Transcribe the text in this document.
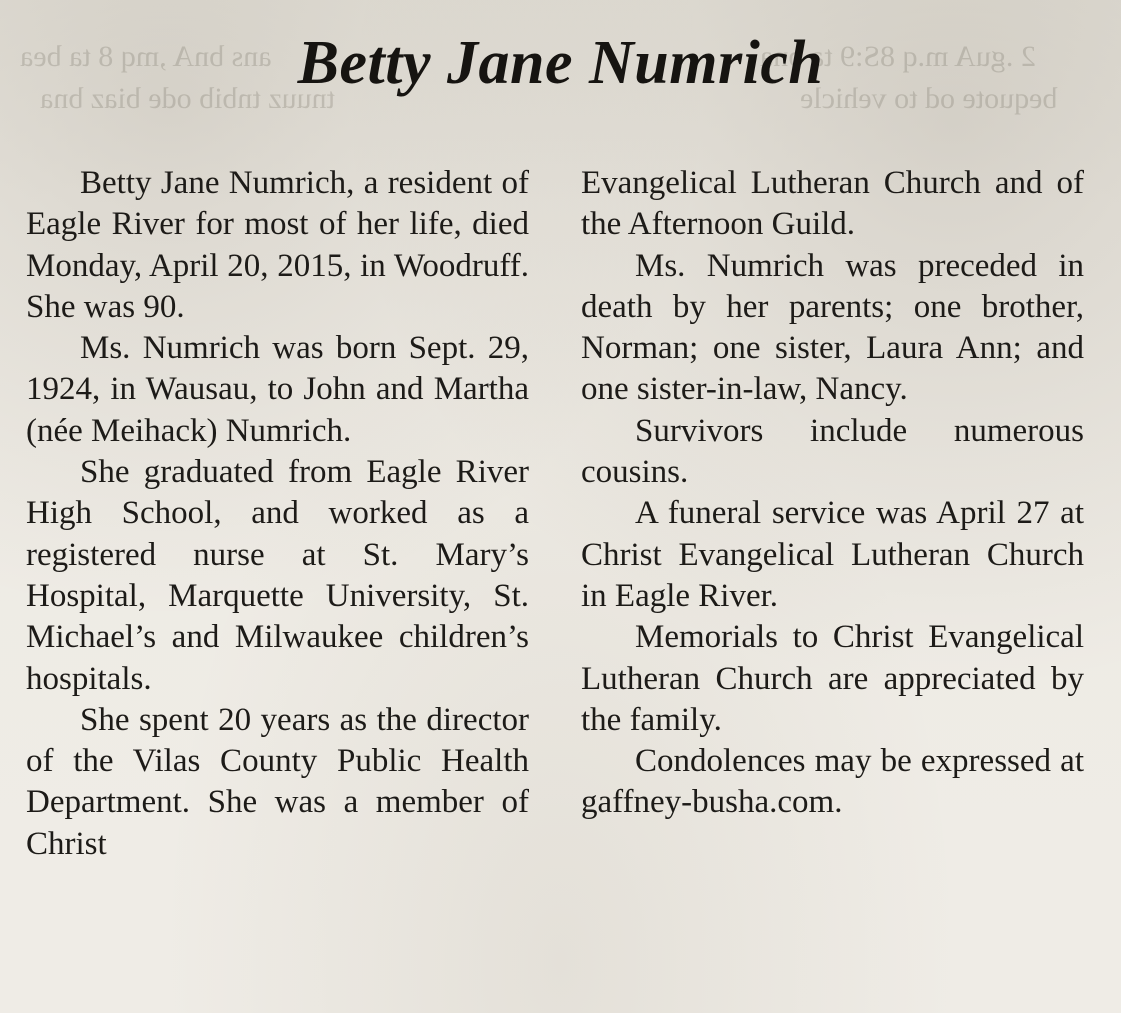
ans bnA ,mq 8 ta bea
tnuuz tnbib ode biaz bna
2 .guA m.q 8S:9 ta bna
bequote od to vehicle
Betty Jane Numrich

Betty Jane Numrich, a resident of Eagle River for most of her life, died Monday, April 20, 2015, in Woodruff. She was 90.

Ms. Numrich was born Sept. 29, 1924, in Wausau, to John and Martha (née Meihack) Numrich.

She graduated from Eagle River High School, and worked as a registered nurse at St. Mary’s Hospital, Marquette University, St. Michael’s and Milwaukee children’s hospitals.

She spent 20 years as the director of the Vilas County Public Health Department. She was a member of Christ

Evangelical Lutheran Church and of the Afternoon Guild.

Ms. Numrich was preceded in death by her parents; one brother, Norman; one sister, Laura Ann; and one sister-in-law, Nancy.

Survivors include numerous cousins.

A funeral service was April 27 at Christ Evangelical Lutheran Church in Eagle River.

Memorials to Christ Evangelical Lutheran Church are appreciated by the family.

Condolences may be expressed at gaffney-busha.com.
